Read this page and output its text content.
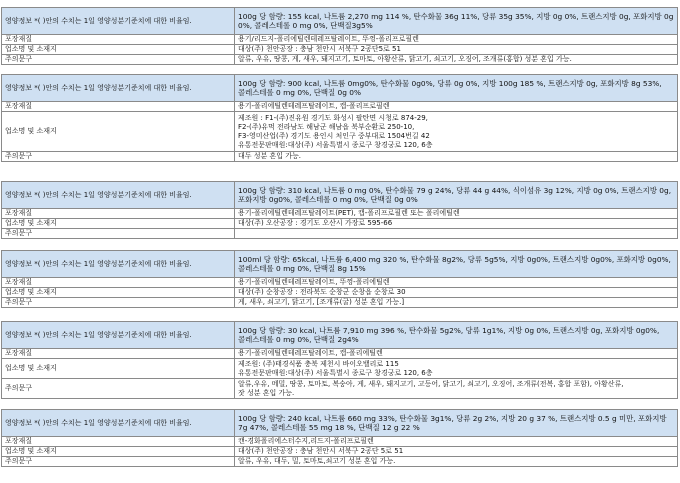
영양정보 *( )안의 수치는 1일 영양성분기준치에 대한 비율임.	100g 당 함량: 155 kcal, 나트륨 2,270 mg 114 %, 탄수화물 36g 11%, 당류 35g 35%, 지방 0g 0%, 트랜스지방 0g, 포화지방 0g 0%, 콜레스테롤 0 mg 0%, 단백질3g5%
포장재질	용기/리드지-폴리에틸렌테레프탈레이트, 뚜껑-폴리프로필렌
업소명 및 소재지	대상(주) 천안공장 : 충남 천안시 서북구 2공단5로 51

주의문구	알류, 우유, 땅콩, 게, 새우, 돼지고기, 토마토, 아황산류, 닭고기, 쇠고기, 오징어, 조개류(홍합) 성분 혼입 가능.
영양정보 *( )안의 수치는 1일 영양성분기준치에 대한 비율임.	100g 당 함량: 900 kcal, 나트륨 0mg0%, 탄수화물 0g0%, 당류 0g 0%, 지방 100g 185 %, 트랜스지방 0g, 포화지방 8g 53%, 콜레스테롤 0 mg 0%, 단백질 0g 0%
포장재질	용기-폴리에틸렌테레프탈레이트, 캡-폴리프로필렌
업소명 및 소재지	제조원 : F1-(주)진유원 경기도 화성시 팔탄면 시청로 874-29,
F2-(주)유먹 전라남도 해남군 해남읍 북부순환로 250-10,
F3-영미산업(주) 경기도 용인시 처인구 중부대로 1504번길 42
유통전문판매원:대상(주) 서울특별시 종로구 창경궁로 120, 6층

주의문구	대두 성분 혼입 가능.
영양정보 *( )안의 수치는 1일 영양성분기준치에 대한 비율임.	100g 당 함량: 310 kcal, 나트륨 0 mg 0%, 탄수화물 79 g 24%, 당류 44 g 44%, 식이섬유 3g 12%, 지방 0g 0%, 트랜스지방 0g, 포화지방 0g0%, 콜레스테롤 0 mg 0%, 단백질 0g 0%
포장재질	용기-폴리에틸렌테레프탈레이트(PET), 캡-폴리프로필렌 또는 폴리에틸렌
업소명 및 소재지	대상(주) 오산공장 : 경기도 오산시 가장로 595-66

주의문구	
영양정보 *( )안의 수치는 1일 영양성분기준치에 대한 비율임.	100ml 당 함량: 65kcal, 나트륨 6,400 mg 320 %, 탄수화물 8g2%, 당류 5g5%, 지방 0g0%, 트랜스지방 0g0%, 포화지방 0g0%, 콜레스테롤 0 mg 0%, 단백질 8g 15%
포장재질	용기-폴리에틸렌테레프탈레이트, 뚜껑-폴리에틸렌
업소명 및 소재지	대상(주) 순창공장 : 전라북도 순창군 순창읍 순창로 30

주의문구	게, 새우, 쇠고기, 닭고기, [조개류(굴) 성분 혼입 가능.]
영양정보 *( )안의 수치는 1일 영양성분기준치에 대한 비율임.	100g 당 함량: 30 kcal, 나트륨 7,910 mg 396 %, 탄수화물 5g2%, 당류 1g1%, 지방 0g 0%, 트랜스지방 0g, 포화지방 0g0%,콜레스테롤 0 mg 0%, 단백질 2g4%
포장재질	용기-폴리에틸렌테레프탈레이트, 캡-폴리에틸렌
업소명 및 소재지	제조원: (주)태경식품 충북 제천시 바이오밸리로 115
유통전문판매원:대상(주) 서울특별시 종로구 창경궁로 120, 6층

주의문구	알류,우유, 메밀, 땅콩, 토마토, 복숭아, 게, 새우, 돼지고기, 고등어, 닭고기, 쇠고기, 오징어, 조개류(전복, 홍합 포함), 아황산류,
잣 성분 혼입 가능.
영양정보 *( )안의 수치는 1일 영양성분기준치에 대한 비율임.	100g 당 함량: 240 kcal, 나트륨 660 mg 33%, 탄수화물 3g1%, 당류 2g 2%, 지방 20 g 37 %, 트랜스지방 0.5 g 미만, 포화지방 7g 47%, 콜레스테롤 55 mg 18 %, 단백질 12 g 22 %
포장재질	캔-경화폴리에스터수지,리드지-폴리프로필렌
업소명 및 소재지	대상(주) 천안공장 : 충남 천안시 서북구 2공단 5로 51

주의문구	알류, 우유, 대두, 밀, 토마토,쇠고기 성분 혼입 가능.
